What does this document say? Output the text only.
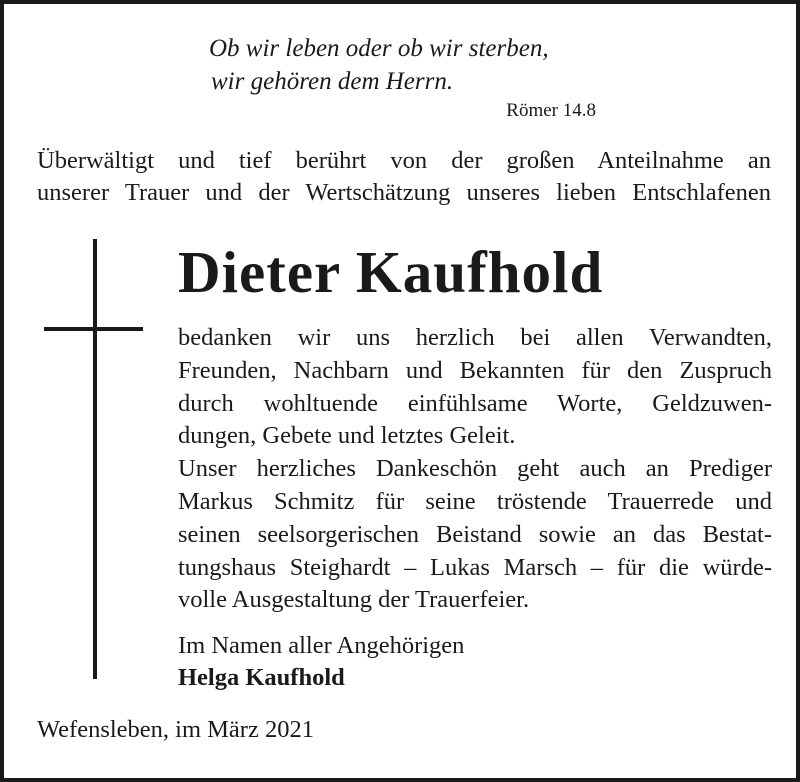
Ob wir leben oder ob wir sterben,
wir gehören dem Herrn.
Römer 14.8
Überwältigt und tief berührt von der großen Anteilnahme an
unserer Trauer und der Wertschätzung unseres lieben Entschlafenen
Dieter Kaufhold
bedanken wir uns herzlich bei allen Verwandten,
Freunden, Nachbarn und Bekannten für den Zuspruch
durch wohltuende einfühlsame Worte, Geldzuwen-
dungen, Gebete und letztes Geleit.
Unser herzliches Dankeschön geht auch an Prediger
Markus Schmitz für seine tröstende Trauerrede und
seinen seelsorgerischen Beistand sowie an das Bestat-
tungshaus Steighardt – Lukas Marsch – für die würde-
volle Ausgestaltung der Trauerfeier.
Im Namen aller Angehörigen
Helga Kaufhold
Wefensleben, im März 2021
